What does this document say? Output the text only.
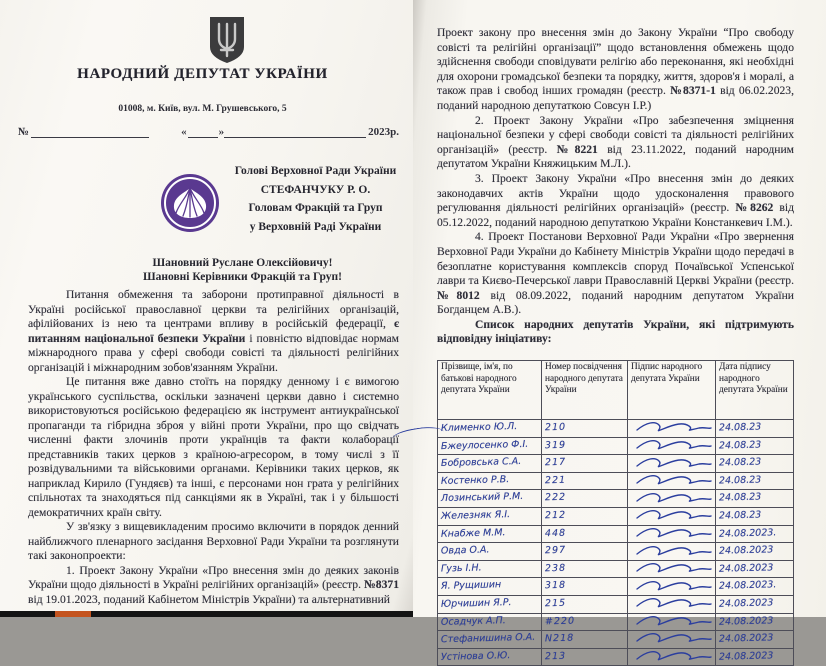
НАРОДНИЙ ДЕПУТАТ УКРАЇНИ
01008, м. Київ, вул. М. Грушевського, 5
№	«	»	2023р.
Голові Верховної Ради України
СТЕФАНЧУКУ Р. О.
Головам Фракцій та Груп
у Верховній Раді України
Шановний Руслане Олексійовичу!
Шановні Керівники Фракцій та Груп!

Питання обмеження та заборони протиправної діяльності в Україні російської православної церкви та релігійних організацій, афілійованих із нею та центрами впливу в російській федерації, є питанням національної безпеки України і повністю відповідає нормам міжнародного права у сфері свободи совісті та діяльності релігійних організацій і міжнародним зобов'язанням України.

Це питання вже давно стоїть на порядку денному і є вимогою українського суспільства, оскільки зазначені церкви давно і системно використовуються російською федерацією як інструмент антиукраїнської пропаганди та гібридна зброя у війні проти України, про що свідчать численні факти злочинів проти українців та факти колаборації представників таких церков з країною-агресором, в тому числі з її розвідувальними та військовими органами. Керівники таких церков, як наприклад Кирило (Гундяєв) та інші, є персонами нон грата у релігійних спільнотах та знаходяться під санкціями як в Україні, так і у більшості демократичних країн світу.

У зв'язку з вищевикладеним просимо включити в порядок денний найближчого пленарного засідання Верховної Ради України та розглянути такі законопроекти:

1. Проект Закону України «Про внесення змін до деяких законів України щодо діяльності в Україні релігійних організацій» (реєстр. №8371 від 19.01.2023, поданий Кабінетом Міністрів України) та альтернативний

Проект закону про внесення змін до Закону України “Про свободу совісті та релігійні організації” щодо встановлення обмежень щодо здійснення свободи сповідувати релігію або переконання, які необхідні для охорони громадської безпеки та порядку, життя, здоров'я і моралі, а також прав і свобод інших громадян (реєстр. №8371-1 від 06.02.2023, поданий народною депутаткою Совсун І.Р.)

2. Проект Закону України «Про забезпечення зміцнення національної безпеки у сфері свободи совісті та діяльності релігійних організацій» (реєстр. №8221 від 23.11.2022, поданий народним депутатом України Княжицьким М.Л.).

3. Проект Закону України «Про внесення змін до деяких законодавчих актів України щодо удосконалення правового регулювання діяльності релігійних організацій» (реєстр. №8262 від 05.12.2022, поданий народною депутаткою України Констанкевич І.М.).

4. Проект Постанови Верховної Ради України «Про звернення Верховної Ради України до Кабінету Міністрів України щодо передачі в безоплатне користування комплексів споруд Почаївської Успенської лаври та Києво-Печерської лаври Православній Церкві України (реєстр. №8012 від 08.09.2022, поданий народним депутатом України Богданцем А.В.).

Список народних депутатів України, які підтримують відповідну ініціативу:

Прізвище, ім'я, по батькові народного депутата України	Номер посвідчення народного депутата України	Підпис народного депутата України	Дата підпису народного депутата України
Клименко Ю.Л.	210		24.08.23
Бжеулосенко Ф.І.	319		24.08.23
Бобровська С.А.	217		24.08.23
Костенко Р.В.	221		24.08.23
Лозинський Р.М.	222		24.08.23
Железняк Я.І.	212		24.08.23
Кнабже М.М.	448		24.08.2023.
Овда О.А.	297		24.08.2023
Гузь І.Н.	238		24.08.2023
Я. Рущишин	318		24.08.2023.
Юрчишин Я.Р.	215		24.08.2023
Осадчук А.П.	#220		24.08.2023
Стефанишина О.А.	N218		24.08.2023
Устінова О.Ю.	213		24.08.2023
